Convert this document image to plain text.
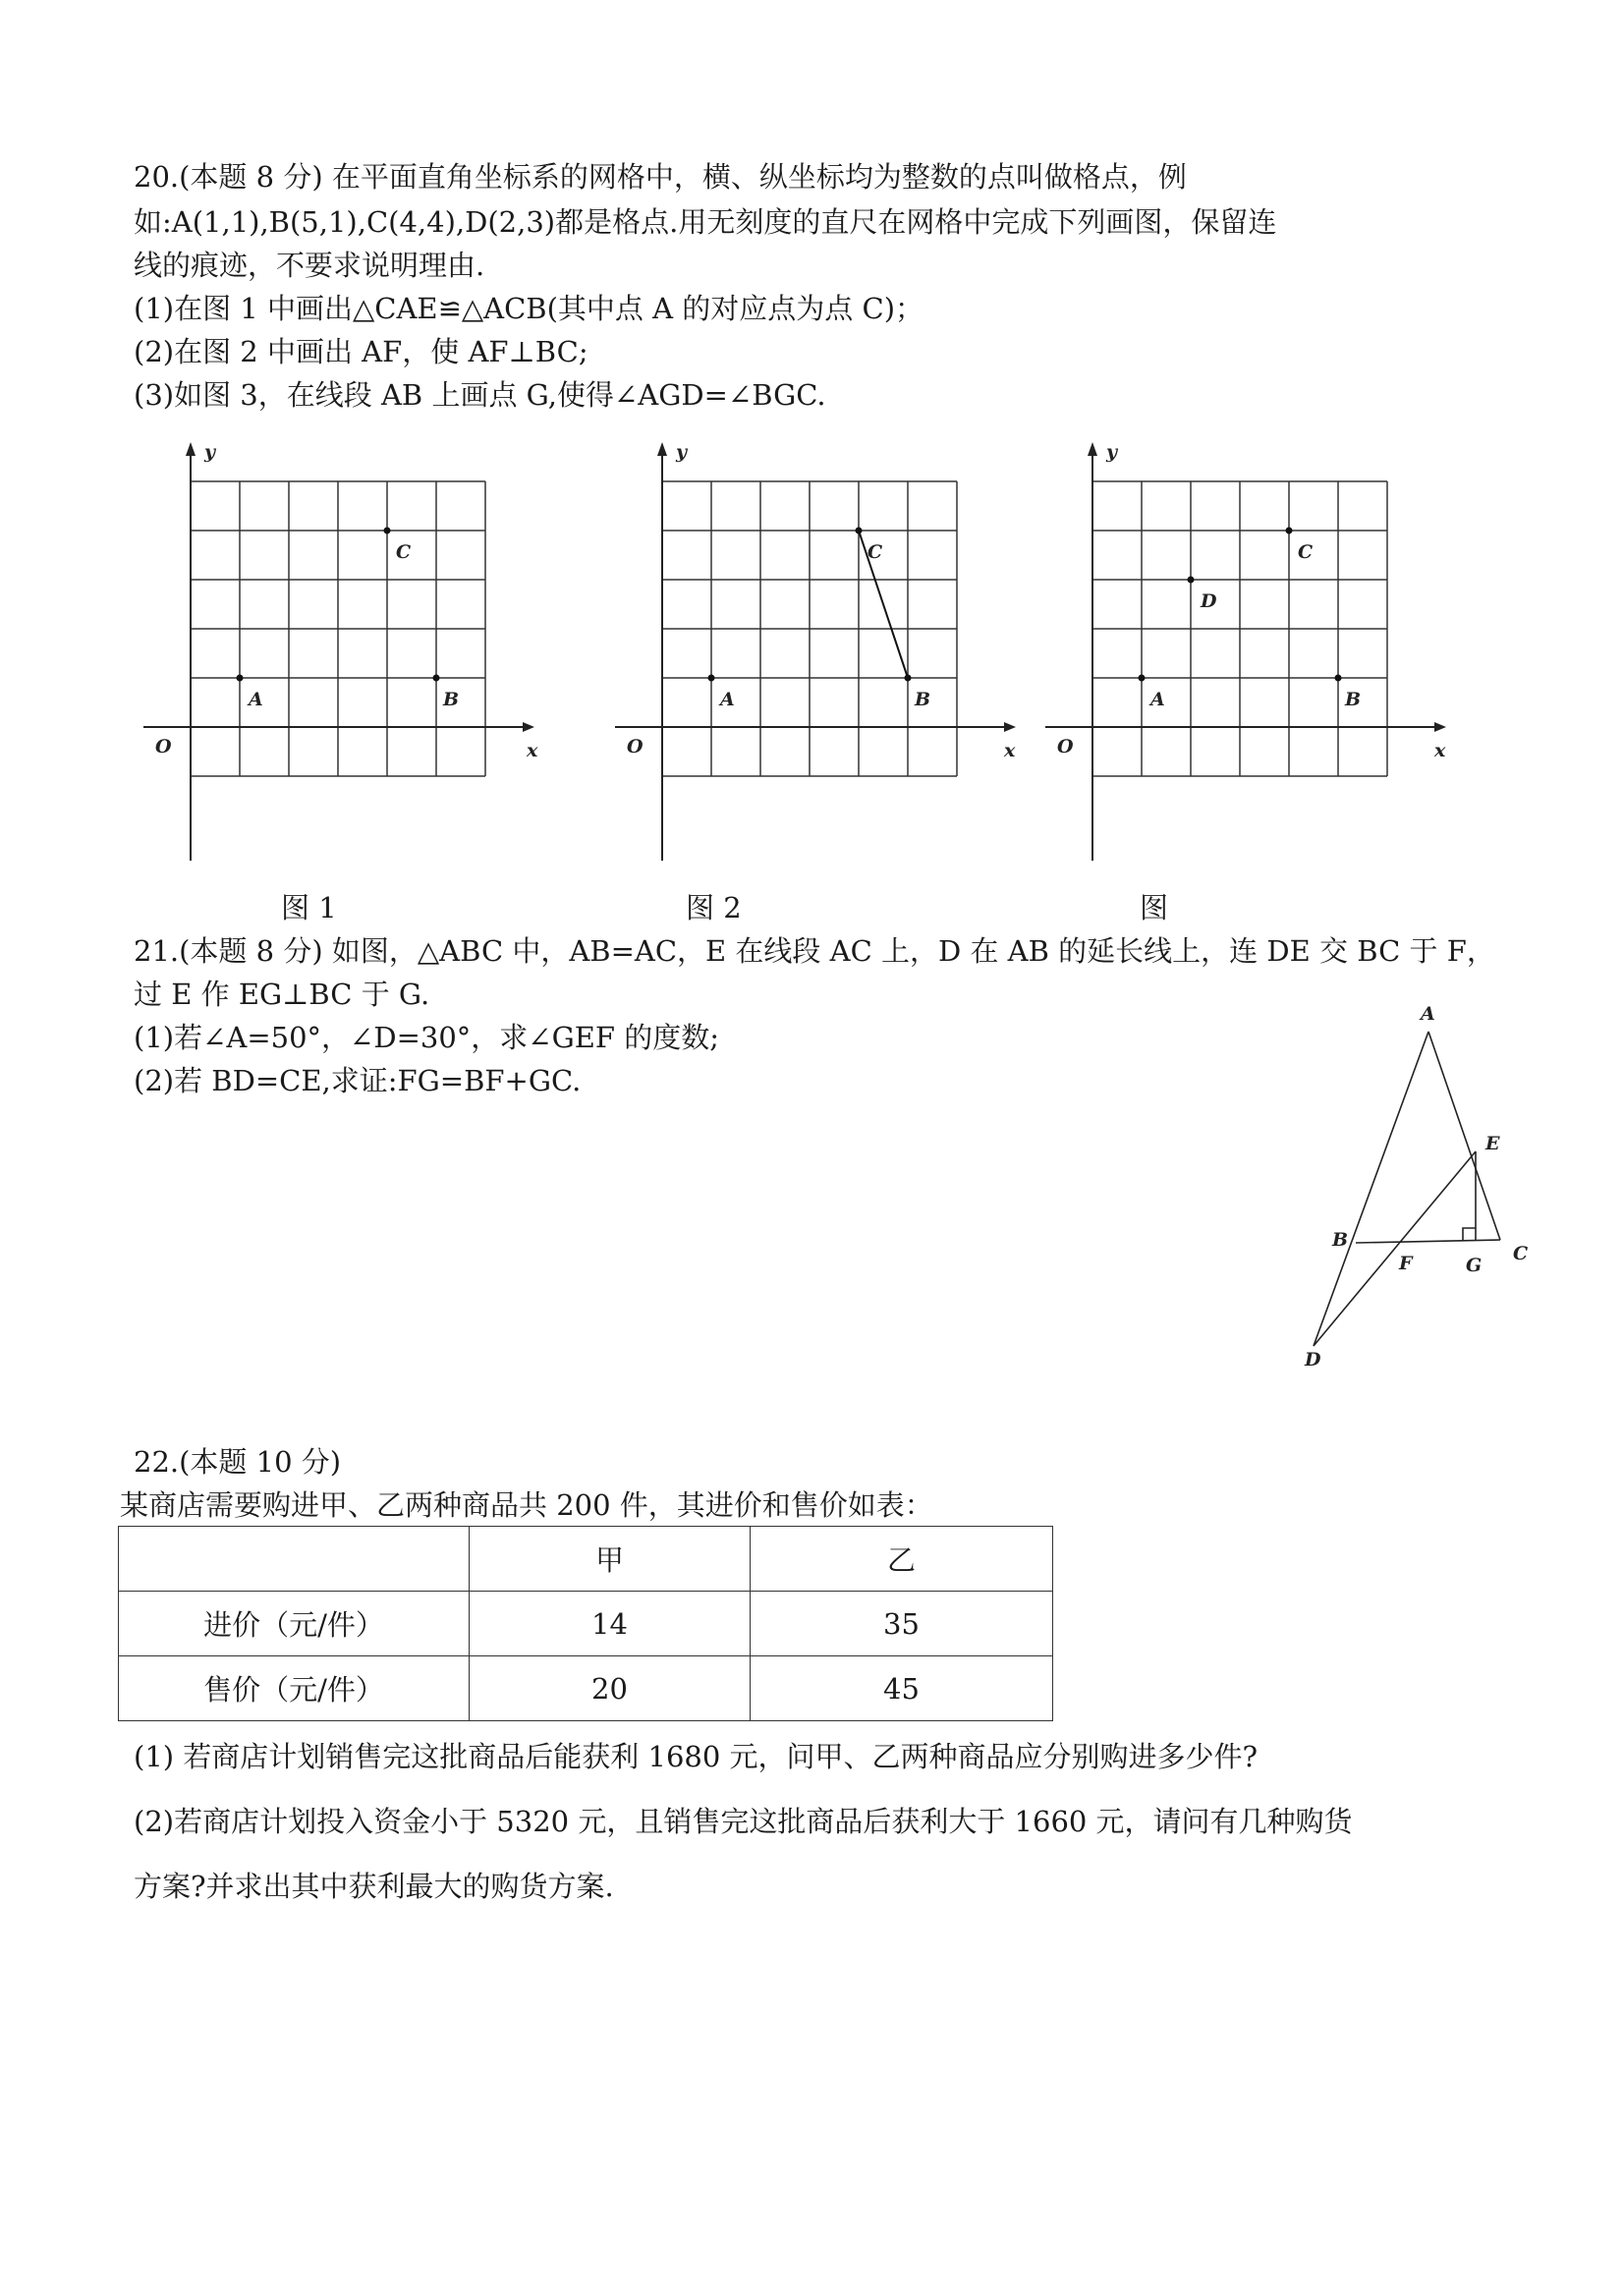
20.(本题 8 分) 在平面直角坐标系的网格中，横、纵坐标均为整数的点叫做格点，例
如:A(1,1),B(5,1),C(4,4),D(2,3)都是格点.用无刻度的直尺在网格中完成下列画图，保留连
线的痕迹，不要求说明理由.
(1)在图 1 中画出△CAE≌△ACB(其中点 A 的对应点为点 C)；
(2)在图 2 中画出 AF，使 AF⊥BC;
(3)如图 3，在线段 AB 上画点 G,使得∠AGD=∠BGC.
y
x
O
A	B
C
y
x
O
A	B
C
y
x
O
A	B
C
D
图 1	图 2	图
21.(本题 8 分) 如图，△ABC 中，AB=AC，E 在线段 AC 上，D 在 AB 的延长线上，连 DE 交 BC 于 F，
过 E 作 EG⊥BC 于 G.
(1)若∠A=50°，∠D=30°，求∠GEF 的度数;
(2)若 BD=CE,求证:FG=BF+GC.
A
B
C
D
E
F	G
22.(本题 10 分)
某商店需要购进甲、乙两种商品共 200 件，其进价和售价如表：
	甲	乙
进价（元/件）	14	35
售价（元/件）	20	45
(1) 若商店计划销售完这批商品后能获利 1680 元，问甲、乙两种商品应分别购进多少件?
(2)若商店计划投入资金小于 5320 元，且销售完这批商品后获利大于 1660 元，请问有几种购货
方案?并求出其中获利最大的购货方案.
